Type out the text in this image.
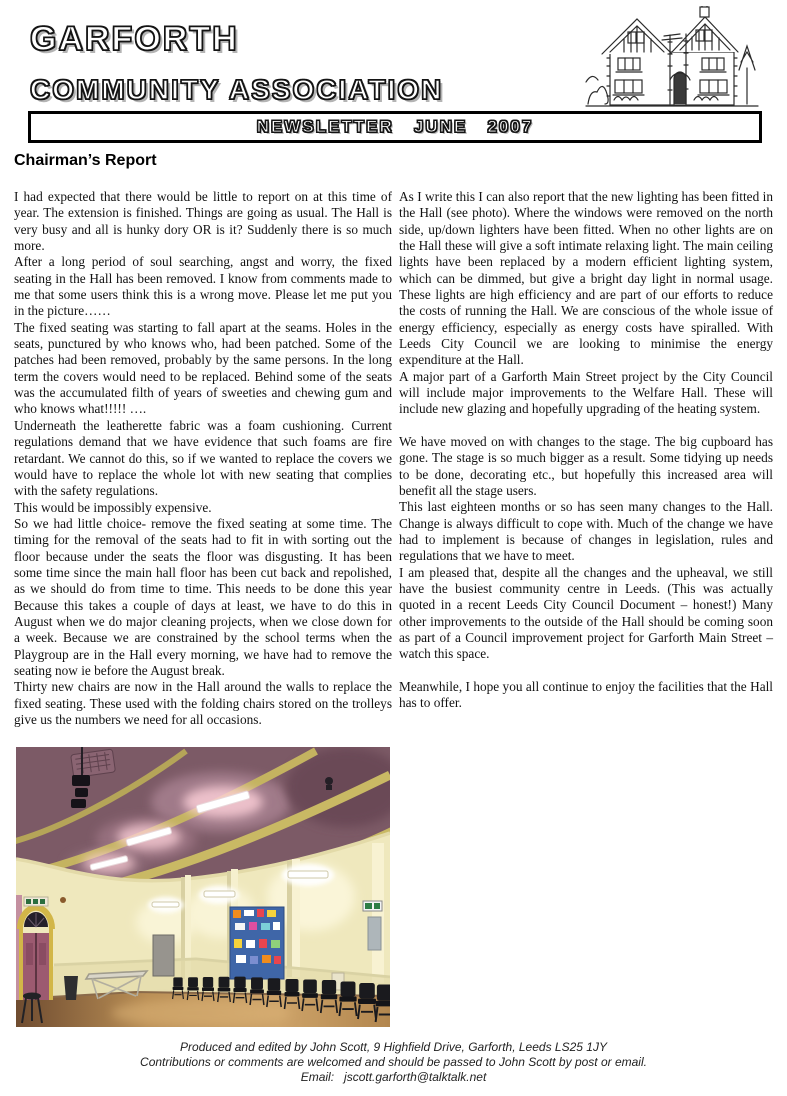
GARFORTH
COMMUNITY ASSOCIATION
NEWSLETTER   JUNE   2007
Chairman’s Report

I had expected that there would be little to report on at this time of year. The extension is finished. Things are going as usual. The Hall is very busy and all is hunky dory OR is it? Suddenly there is so much more.

After a long period of soul searching, angst and worry, the fixed seating in the Hall has been removed. I know from comments made to me that some users think this is a wrong move. Please let me put you in the picture……

The fixed seating was starting to fall apart at the seams. Holes in the seats, punctured by who knows who, had been patched. Some of the patches had been removed, probably by the same persons. In the long term the covers would need to be replaced. Behind some of the seats was the accumulated filth of years of sweeties and chewing gum and who knows what!!!!! ….

Underneath the leatherette fabric was a foam cushioning. Current regulations demand that we have evidence that such foams are fire retardant. We cannot do this, so if we wanted to replace the covers we would have to replace the whole lot with new seating that complies with the safety regulations.

This would be impossibly expensive.

So we had little choice- remove the fixed seating at some time. The timing for the removal of the seats had to fit in with sorting out the floor because under the seats the floor was disgusting. It has been some time since the main hall floor has been cut back and repolished, as we should do from time to time. This needs to be done this year Because this takes a couple of days at least, we have to do this in August when we do major cleaning projects, when we close down for a week. Because we are constrained by the school terms when the Playgroup are in the Hall every morning, we have had to remove the seating now ie before the August break.

Thirty new chairs are now in the Hall around the walls to replace the fixed seating. These used with the folding chairs stored on the trolleys give us the numbers we need for all occasions.

As I write this I can also report that the new lighting has been fitted in the Hall (see photo). Where the windows were removed on the north side, up/down lighters have been fitted. When no other lights are on the Hall these will give a soft intimate relaxing light. The main ceiling lights have been replaced by a modern efficient lighting system, which can be dimmed, but give a bright day light in normal usage. These lights are high efficiency and are part of our efforts to reduce the costs of running the Hall. We are conscious of the whole issue of energy efficiency, especially as energy costs have spiralled. With Leeds City Council we are looking to minimise the energy expenditure at the Hall.

A major part of a Garforth Main Street project by the City Council will include major improvements to the Welfare Hall. These will include new glazing and hopefully upgrading of the heating system.

We have moved on with changes to the stage. The big cupboard has gone. The stage is so much bigger as a result. Some tidying up needs to be done, decorating etc., but hopefully this increased area will benefit all the stage users.

This last eighteen months or so has seen many changes to the Hall. Change is always difficult to cope with. Much of the change we have had to implement is because of changes in legislation, rules and regulations that we have to meet.

I am pleased that, despite all the changes and the upheaval, we still have the busiest community centre in Leeds. (This was actually quoted in a recent Leeds City Council Document – honest!) Many other improvements to the outside of the Hall should be coming soon as part of a Council improvement project for Garforth Main Street – watch this space.

Meanwhile, I hope you all continue to enjoy the facilities that the Hall has to offer.

Produced and edited by John Scott, 9 Highfield Drive, Garforth, Leeds LS25 1JY
Contributions or comments are welcomed and should be passed to John Scott by post or email.
Email:   jscott.garforth@talktalk.net
